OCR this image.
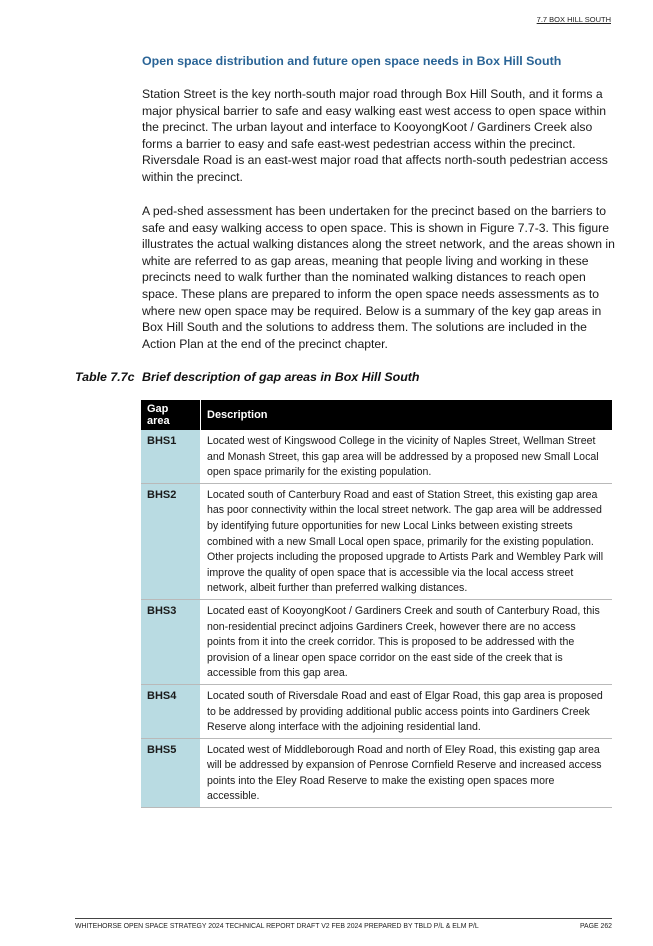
7.7 BOX HILL SOUTH
Open space distribution and future open space needs in Box Hill South

Station Street is the key north-south major road through Box Hill South, and it forms a major physical barrier to safe and easy walking east west access to open space within the precinct. The urban layout and interface to KooyongKoot / Gardiners Creek also forms a barrier to easy and safe east-west pedestrian access within the precinct. Riversdale Road is an east-west major road that affects north-south pedestrian access within the precinct.

A ped-shed assessment has been undertaken for the precinct based on the barriers to safe and easy walking access to open space. This is shown in Figure 7.7-3. This figure illustrates the actual walking distances along the street network, and the areas shown in white are referred to as gap areas, meaning that people living and working in these precincts need to walk further than the nominated walking distances to reach open space. These plans are prepared to inform the open space needs assessments as to where new open space may be required. Below is a summary of the key gap areas in Box Hill South and the solutions to address them. The solutions are included in the Action Plan at the end of the precinct chapter.

Table 7.7c Brief description of gap areas in Box Hill South
Gap area	Description
BHS1	Located west of Kingswood College in the vicinity of Naples Street, Wellman Street and Monash Street, this gap area will be addressed by a proposed new Small Local open space primarily for the existing population.
BHS2	Located south of Canterbury Road and east of Station Street, this existing gap area has poor connectivity within the local street network. The gap area will be addressed by identifying future opportunities for new Local Links between existing streets combined with a new Small Local open space, primarily for the existing population. Other projects including the proposed upgrade to Artists Park and Wembley Park will improve the quality of open space that is accessible via the local access street network, albeit further than preferred walking distances.
BHS3	Located east of KooyongKoot / Gardiners Creek and south of Canterbury Road, this non-residential precinct adjoins Gardiners Creek, however there are no access points from it into the creek corridor. This is proposed to be addressed with the provision of a linear open space corridor on the east side of the creek that is accessible from this gap area.
BHS4	Located south of Riversdale Road and east of Elgar Road, this gap area is proposed to be addressed by providing additional public access points into Gardiners Creek Reserve along interface with the adjoining residential land.
BHS5	Located west of Middleborough Road and north of Eley Road, this existing gap area will be addressed by expansion of Penrose Cornfield Reserve and increased access points into the Eley Road Reserve to make the existing open spaces more accessible.
WHITEHORSE OPEN SPACE STRATEGY 2024 TECHNICAL REPORT DRAFT V2 FEB 2024 PREPARED BY TBLD P/L & ELM P/L	PAGE 262
